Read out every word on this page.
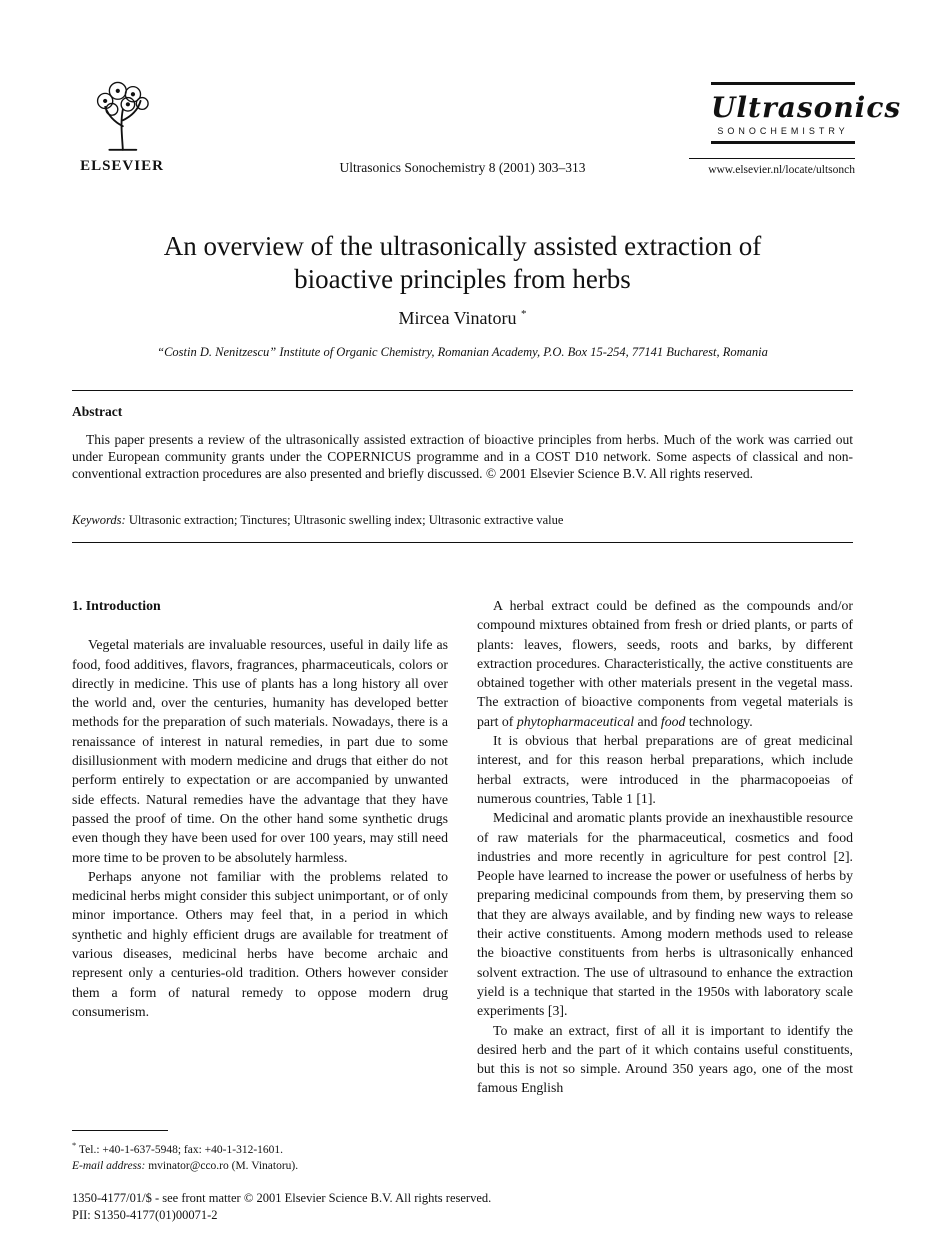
ELSEVIER	Ultrasonics Sonochemistry 8 (2001) 303–313
Ultrasonics
SONOCHEMISTRY
www.elsevier.nl/locate/ultsonch
An overview of the ultrasonically assisted extraction of
bioactive principles from herbs
Mircea Vinatoru *
“Costin D. Nenitzescu” Institute of Organic Chemistry, Romanian Academy, P.O. Box 15-254, 77141 Bucharest, Romania
Abstract
This paper presents a review of the ultrasonically assisted extraction of bioactive principles from herbs. Much of the work was carried out under European community grants under the COPERNICUS programme and in a COST D10 network. Some aspects of classical and non-conventional extraction procedures are also presented and briefly discussed. © 2001 Elsevier Science B.V. All rights reserved.
Keywords: Ultrasonic extraction; Tinctures; Ultrasonic swelling index; Ultrasonic extractive value
1. Introduction

Vegetal materials are invaluable resources, useful in daily life as food, food additives, flavors, fragrances, pharmaceuticals, colors or directly in medicine. This use of plants has a long history all over the world and, over the centuries, humanity has developed better methods for the preparation of such materials. Nowadays, there is a renaissance of interest in natural remedies, in part due to some disillusionment with modern medicine and drugs that either do not perform entirely to expectation or are accompanied by unwanted side effects. Natural remedies have the advantage that they have passed the proof of time. On the other hand some synthetic drugs even though they have been used for over 100 years, may still need more time to be proven to be absolutely harmless.

Perhaps anyone not familiar with the problems related to medicinal herbs might consider this subject unimportant, or of only minor importance. Others may feel that, in a period in which synthetic and highly efficient drugs are available for treatment of various diseases, medicinal herbs have become archaic and represent only a centuries-old tradition. Others however consider them a form of natural remedy to oppose modern drug consumerism.

A herbal extract could be defined as the compounds and/or compound mixtures obtained from fresh or dried plants, or parts of plants: leaves, flowers, seeds, roots and barks, by different extraction procedures. Characteristically, the active constituents are obtained together with other materials present in the vegetal mass. The extraction of bioactive components from vegetal materials is part of phytopharmaceutical and food technology.

It is obvious that herbal preparations are of great medicinal interest, and for this reason herbal preparations, which include herbal extracts, were introduced in the pharmacopoeias of numerous countries, Table 1 [1].

Medicinal and aromatic plants provide an inexhaustible resource of raw materials for the pharmaceutical, cosmetics and food industries and more recently in agriculture for pest control [2]. People have learned to increase the power or usefulness of herbs by preparing medicinal compounds from them, by preserving them so that they are always available, and by finding new ways to release their active constituents. Among modern methods used to release the bioactive constituents from herbs is ultrasonically enhanced solvent extraction. The use of ultrasound to enhance the extraction yield is a technique that started in the 1950s with laboratory scale experiments [3].

To make an extract, first of all it is important to identify the desired herb and the part of it which contains useful constituents, but this is not so simple. Around 350 years ago, one of the most famous English

* Tel.: +40-1-637-5948; fax: +40-1-312-1601.
E-mail address: mvinator@cco.ro (M. Vinatoru).
1350-4177/01/$ - see front matter © 2001 Elsevier Science B.V. All rights reserved.
PII: S1350-4177(01)00071-2
